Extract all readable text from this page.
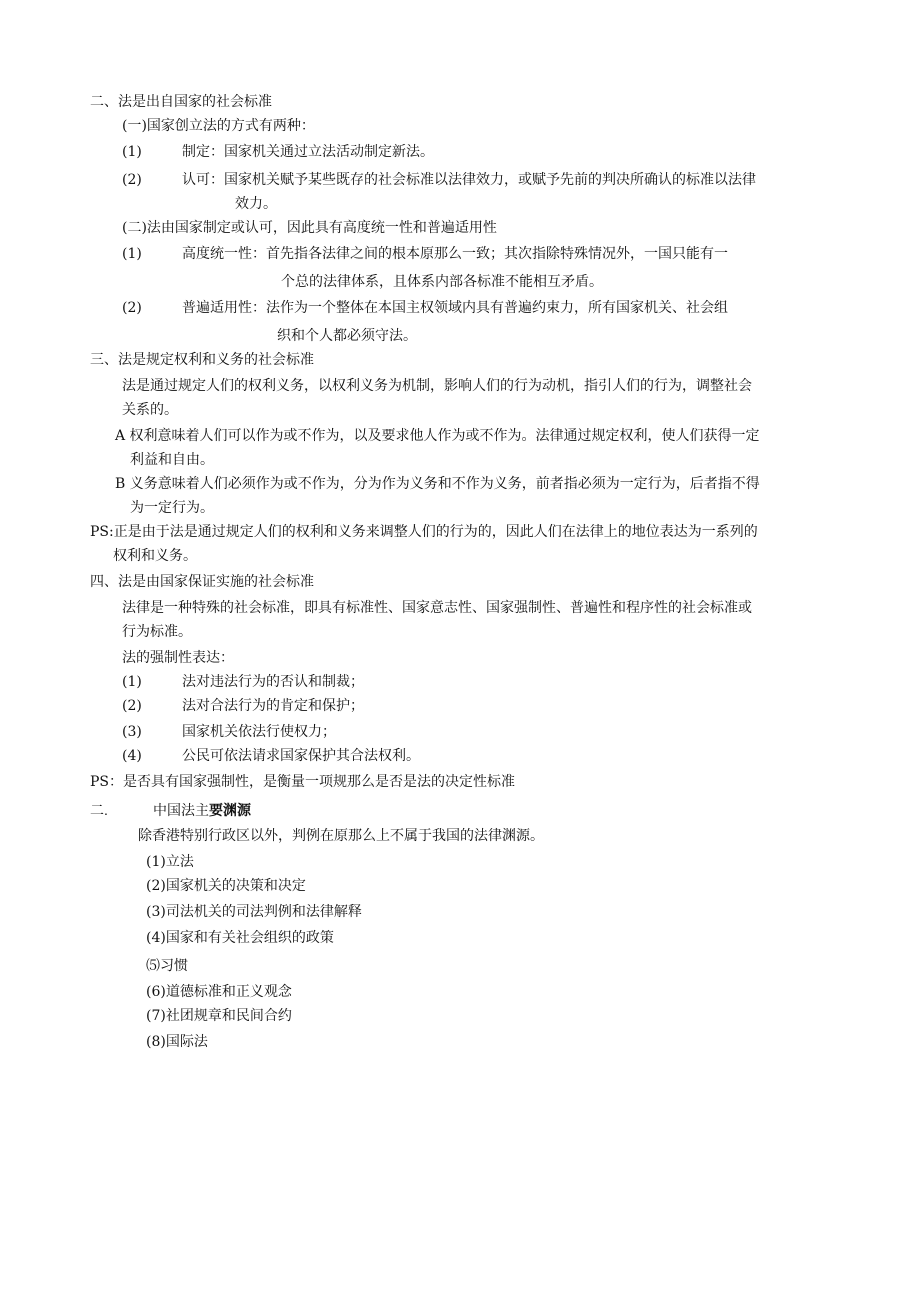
二、法是出自国家的社会标准
(一)国家创立法的方式有两种：
(1)	制定：国家机关通过立法活动制定新法。
(2)	认可：国家机关赋予某些既存的社会标准以法律效力，或赋予先前的判决所确认的标准以法律
效力。
(二)法由国家制定或认可，因此具有高度统一性和普遍适用性
(1)	高度统一性：首先指各法律之间的根本原那么一致；其次指除特殊情况外，一国只能有一
个总的法律体系，且体系内部各标准不能相互矛盾。
(2)	普遍适用性：法作为一个整体在本国主权领域内具有普遍约束力，所有国家机关、社会组
织和个人都必须守法。
三、法是规定权利和义务的社会标准
法是通过规定人们的权利义务，以权利义务为机制，影响人们的行为动机，指引人们的行为，调整社会
关系的。
A 权利意味着人们可以作为或不作为，以及要求他人作为或不作为。法律通过规定权利，使人们获得一定
利益和自由。
B 义务意味着人们必须作为或不作为，分为作为义务和不作为义务，前者指必须为一定行为，后者指不得
为一定行为。
PS:正是由于法是通过规定人们的权利和义务来调整人们的行为的，因此人们在法律上的地位表达为一系列的
权利和义务。
四、法是由国家保证实施的社会标准
法律是一种特殊的社会标准，即具有标准性、国家意志性、国家强制性、普遍性和程序性的社会标准或
行为标准。
法的强制性表达：
(1)	法对违法行为的否认和制裁；
(2)	法对合法行为的肯定和保护；
(3)	国家机关依法行使权力；
(4)	公民可依法请求国家保护其合法权利。
PS：是否具有国家强制性，是衡量一项规那么是否是法的决定性标准
二.	中国法主要渊源
除香港特别行政区以外，判例在原那么上不属于我国的法律渊源。
(1)立法
(2)国家机关的决策和决定
(3)司法机关的司法判例和法律解释
(4)国家和有关社会组织的政策
⑸习惯
(6)道德标准和正义观念
(7)社团规章和民间合约
(8)国际法
